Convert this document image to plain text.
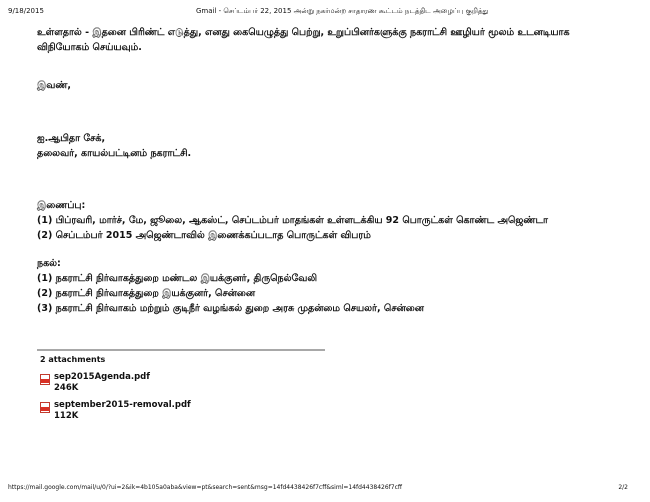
9/18/2015	Gmail - செப்டம்பர் 22, 2015 அன்று நகர்மன்ற சாதாரண கூட்டம் நடத்திட அழைப்பு குறித்து

உள்ளதால் - இதனை பிரிண்ட் எடுத்து, எனது கையெழுத்து பெற்று, உறுப்பினர்களுக்கு நகராட்சி ஊழியர் மூலம் உடனடியாக

விநியோகம் செய்யவும்.

இவண்,

ஐ.ஆபிதா சேக்,

தலைவர், காயல்பட்டினம் நகராட்சி.

இணைப்பு:

(1) பிப்ரவரி, மார்ச், மே, ஜூலை, ஆகஸ்ட், செப்டம்பர் மாதங்கள் உள்ளடக்கிய 92 பொருட்கள் கொண்ட அஜெண்டா

(2) செப்டம்பர் 2015 அஜெண்டாவில் இணைக்கப்படாத பொருட்கள் விபரம்

நகல்:

(1) நகராட்சி நிர்வாகத்துறை மண்டல இயக்குனர், திருநெல்வேலி

(2) நகராட்சி நிர்வாகத்துறை இயக்குனர், சென்னை

(3) நகராட்சி நிர்வாகம் மற்றும் குடிநீர் வழங்கல் துறை அரசு முதன்மை செயலர், சென்னை

2 attachments
sep2015Agenda.pdf
246K
september2015-removal.pdf
112K
https://mail.google.com/mail/u/0/?ui=2&ik=4b105a0aba&view=pt&search=sent&msg=14fd4438426f7cff&siml=14fd4438426f7cff	2/2
